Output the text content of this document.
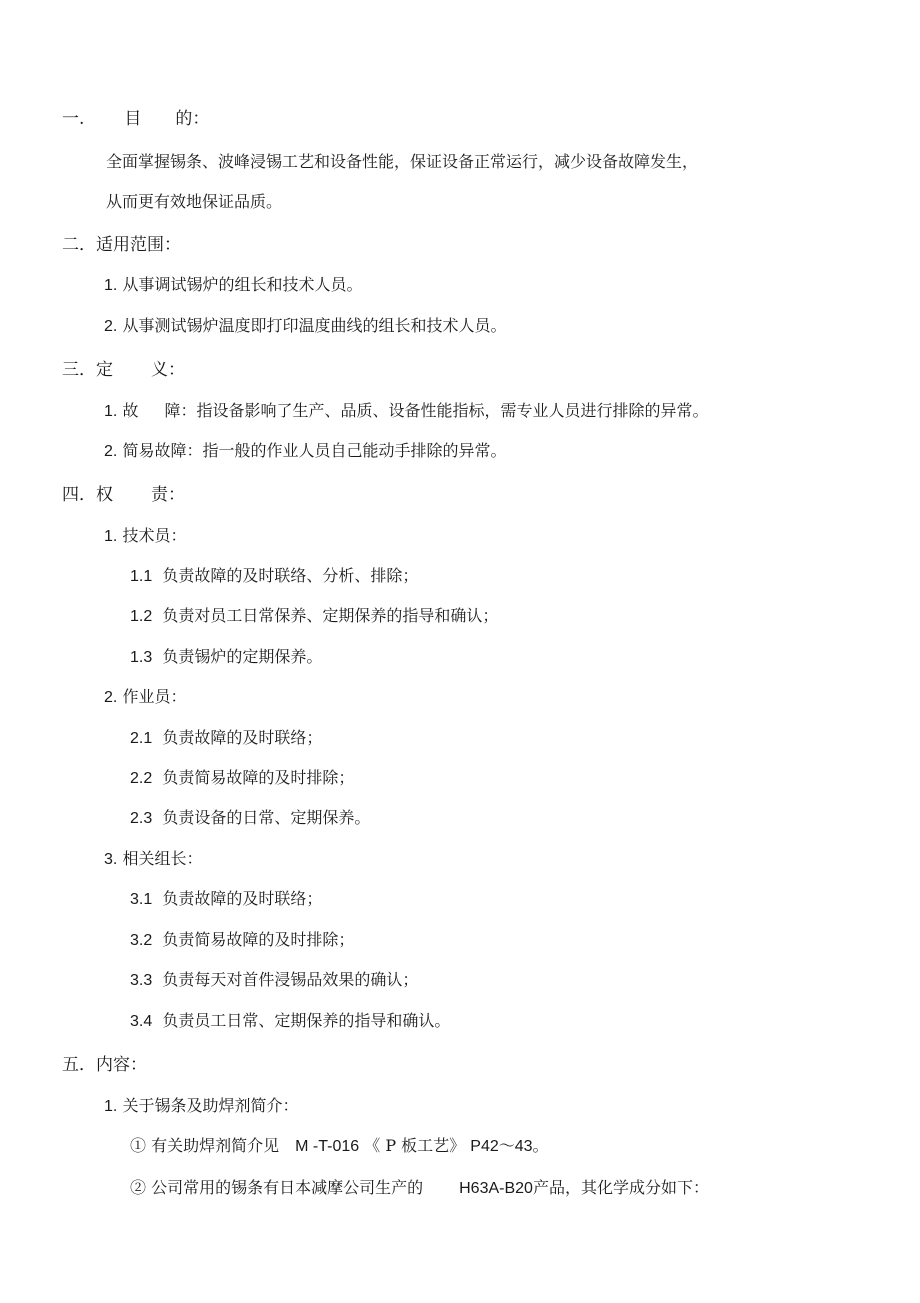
一. 目 的：
全面掌握锡条、波峰浸锡工艺和设备性能，保证设备正常运行，减少设备故障发生，
从而更有效地保证品质。
二．适用范围：
1. 从事调试锡炉的组长和技术人员。
2. 从事测试锡炉温度即打印温度曲线的组长和技术人员。
三．定 义：
1. 故 障：指设备影响了生产、品质、设备性能指标，需专业人员进行排除的异常。
2. 简易故障：指一般的作业人员自己能动手排除的异常。
四．权 责：
1. 技术员：
1.1 负责故障的及时联络、分析、排除；
1.2 负责对员工日常保养、定期保养的指导和确认；
1.3 负责锡炉的定期保养。
2. 作业员：
2.1 负责故障的及时联络；
2.2 负责简易故障的及时排除；
2.3 负责设备的日常、定期保养。
3. 相关组长：
3.1 负责故障的及时联络；
3.2 负责简易故障的及时排除；
3.3 负责每天对首件浸锡品效果的确认；
3.4 负责员工日常、定期保养的指导和确认。
五．内容：
1. 关于锡条及助焊剂简介：
① 有关助焊剂简介见 M -T-016 《 P 板工艺》 P42～43。
② 公司常用的锡条有日本减摩公司生产的 H63A-B20产品，其化学成分如下：
